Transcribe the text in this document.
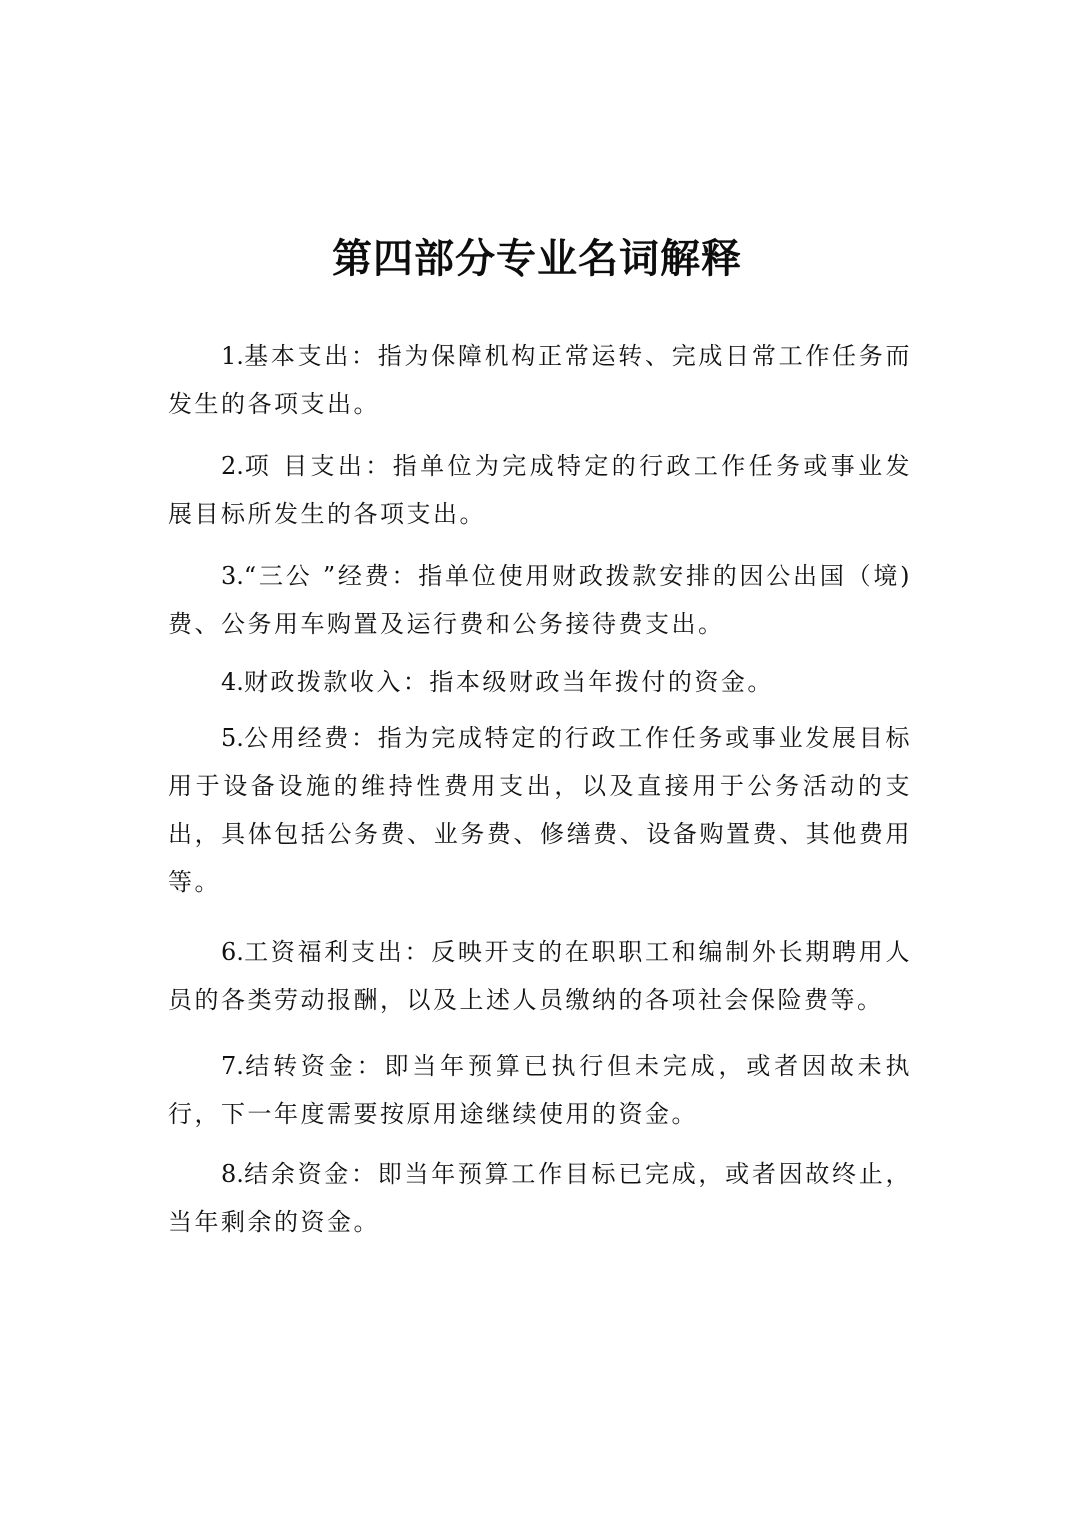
第四部分专业名词解释

1.基本支出：指为保障机构正常运转、完成日常工作任务而发生的各项支出。

2.项 目支出：指单位为完成特定的行政工作任务或事业发展目标所发生的各项支出。

3.“三公 ”经费：指单位使用财政拨款安排的因公出国（境)费、公务用车购置及运行费和公务接待费支出。

4.财政拨款收入：指本级财政当年拨付的资金。

5.公用经费：指为完成特定的行政工作任务或事业发展目标用于设备设施的维持性费用支出，以及直接用于公务活动的支出，具体包括公务费、业务费、修缮费、设备购置费、其他费用等。

6.工资福利支出：反映开支的在职职工和编制外长期聘用人员的各类劳动报酬，以及上述人员缴纳的各项社会保险费等。

7.结转资金：即当年预算已执行但未完成，或者因故未执行，下一年度需要按原用途继续使用的资金。

8.结余资金：即当年预算工作目标已完成，或者因故终止，当年剩余的资金。
